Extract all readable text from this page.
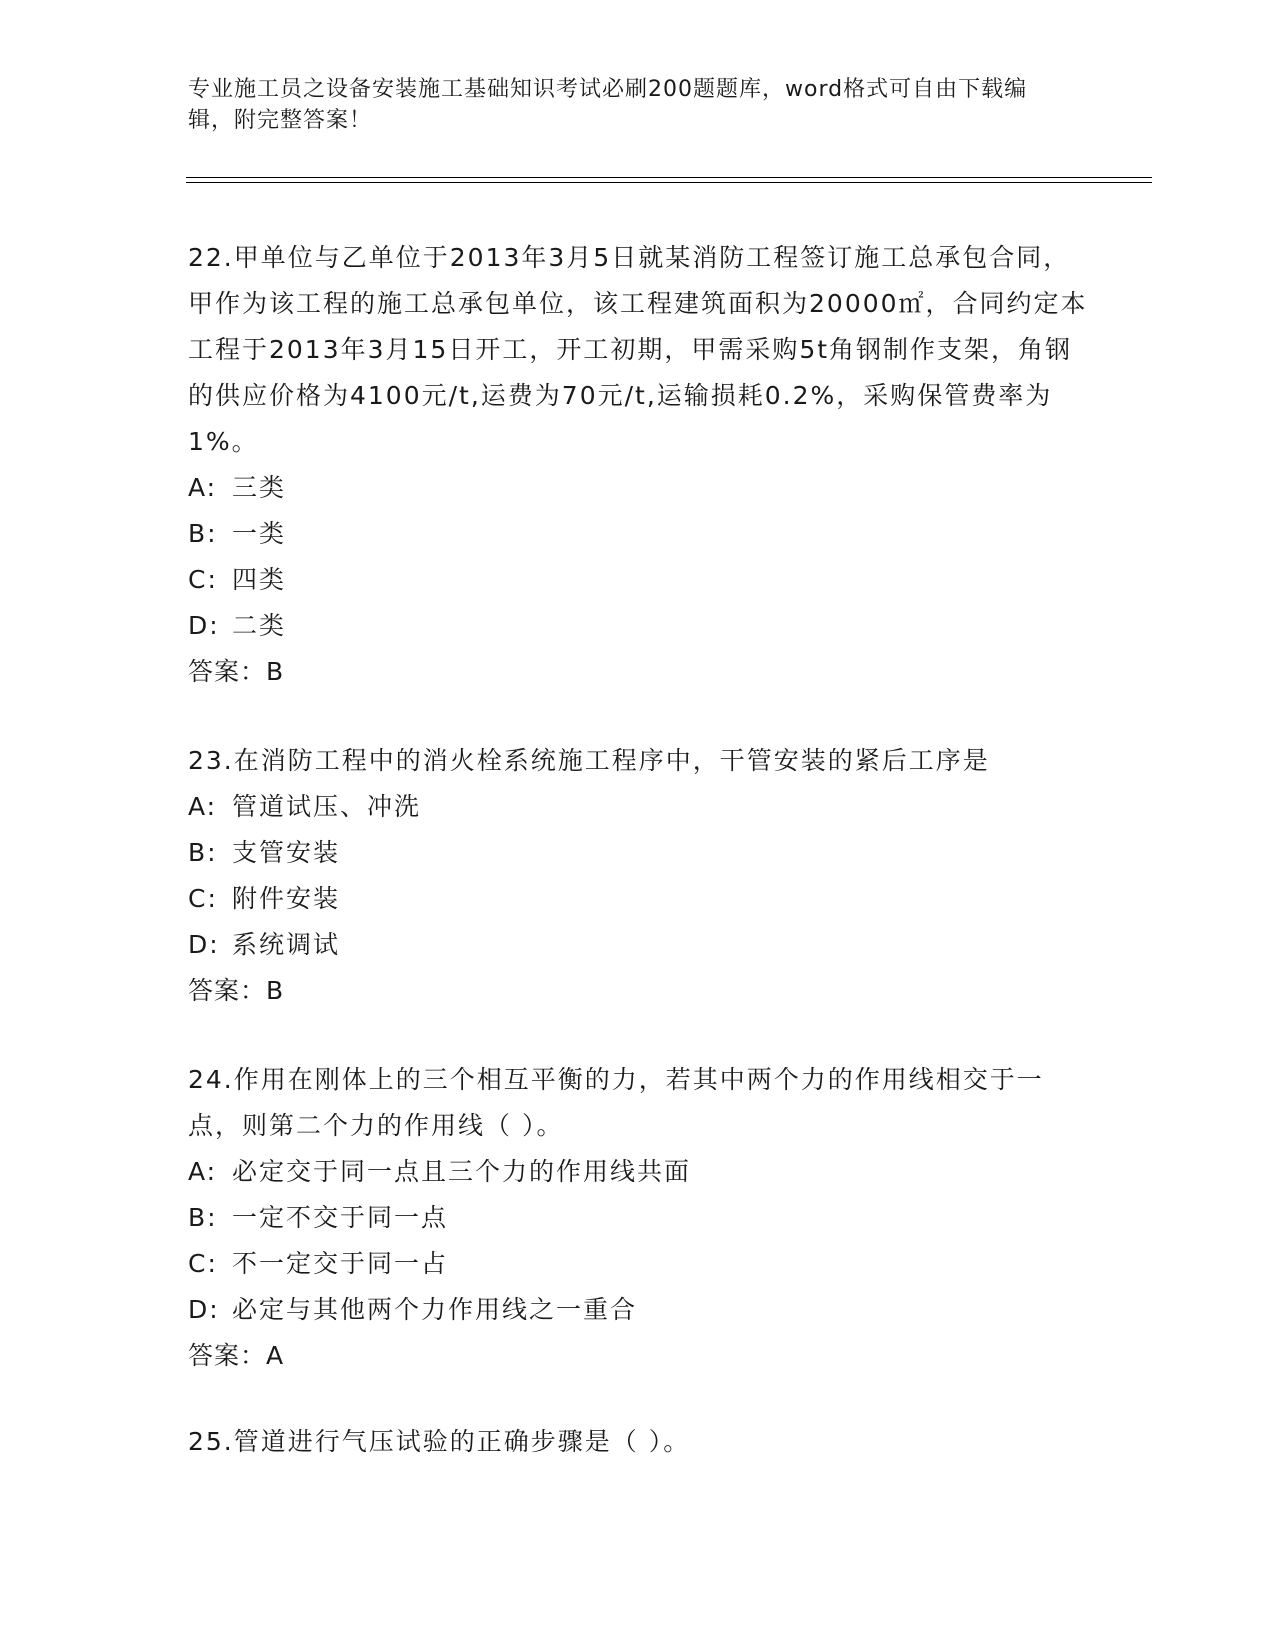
专业施工员之设备安装施工基础知识考试必刷200题题库，word格式可自由下载编辑，附完整答案！

22.甲单位与乙单位于2013年3月5日就某消防工程签订施工总承包合同，甲作为该工程的施工总承包单位，该工程建筑面积为20000㎡，合同约定本工程于2013年3月15日开工，开工初期，甲需采购5t角钢制作支架，角钢的供应价格为4100元/t,运费为70元/t,运输损耗0.2%，采购保管费率为1%。

A: 三类

B: 一类

C: 四类

D: 二类

答案：B

23.在消防工程中的消火栓系统施工程序中，干管安装的紧后工序是

A: 管道试压、冲洗

B: 支管安装

C: 附件安装

D: 系统调试

答案：B

24.作用在刚体上的三个相互平衡的力，若其中两个力的作用线相交于一点，则第二个力的作用线（ ）。

A: 必定交于同一点且三个力的作用线共面

B: 一定不交于同一点

C: 不一定交于同一占

D: 必定与其他两个力作用线之一重合

答案：A

25.管道进行气压试验的正确步骤是（ ）。
